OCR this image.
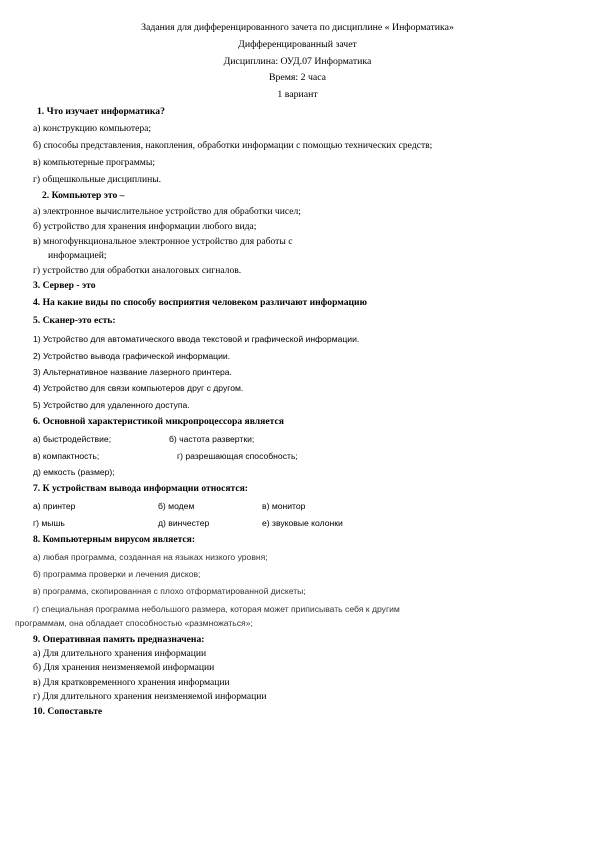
Задания для дифференцированного зачета по дисциплине « Информатика»
Дифференцированный зачет
Дисциплина: ОУД.07 Информатика
Время: 2 часа
1 вариант
1. Что изучает информатика?
а) конструкцию компьютера;
б) способы представления, накопления, обработки информации с помощью технических средств;
в) компьютерные программы;
г) общешкольные дисциплины.
2. Компьютер это –
а) электронное вычислительное устройство для обработки чисел;
б) устройство для хранения информации любого вида;
в) многофункциональное электронное устройство для работы с
информацией;
г) устройство для обработки аналоговых сигналов.
3. Сервер - это
4. На какие виды по способу восприятия человеком различают информацию
5. Сканер-это есть:
1) Устройство для автоматического ввода текстовой и графической информации.
2) Устройство вывода графической информации.
3) Альтернативное название лазерного принтера.
4) Устройство для связи компьютеров друг с другом.
5) Устройство для удаленного доступа.
6. Основной характеристикой микропроцессора является
а) быстродействие;	б) частота развертки;
в) компактность;	г) разрешающая способность;
д) емкость (размер);
7. К устройствам вывода информации относятся:
а) принтер	б) модем	в) монитор
г) мышь	д) винчестер	е) звуковые колонки
8. Компьютерным вирусом является:
а) любая программа, созданная на языках низкого уровня;
б) программа проверки и лечения дисков;
в) программа, скопированная с плохо отформатированной дискеты;
г) специальная программа небольшого размера, которая может приписывать себя к другим
программам, она обладает способностью «размножаться»;
9. Оперативная память предназначена:
а) Для длительного хранения информации
б) Для хранения неизменяемой информации
в) Для кратковременного хранения информации
г) Для длительного хранения неизменяемой информации
10. Сопоставьте
